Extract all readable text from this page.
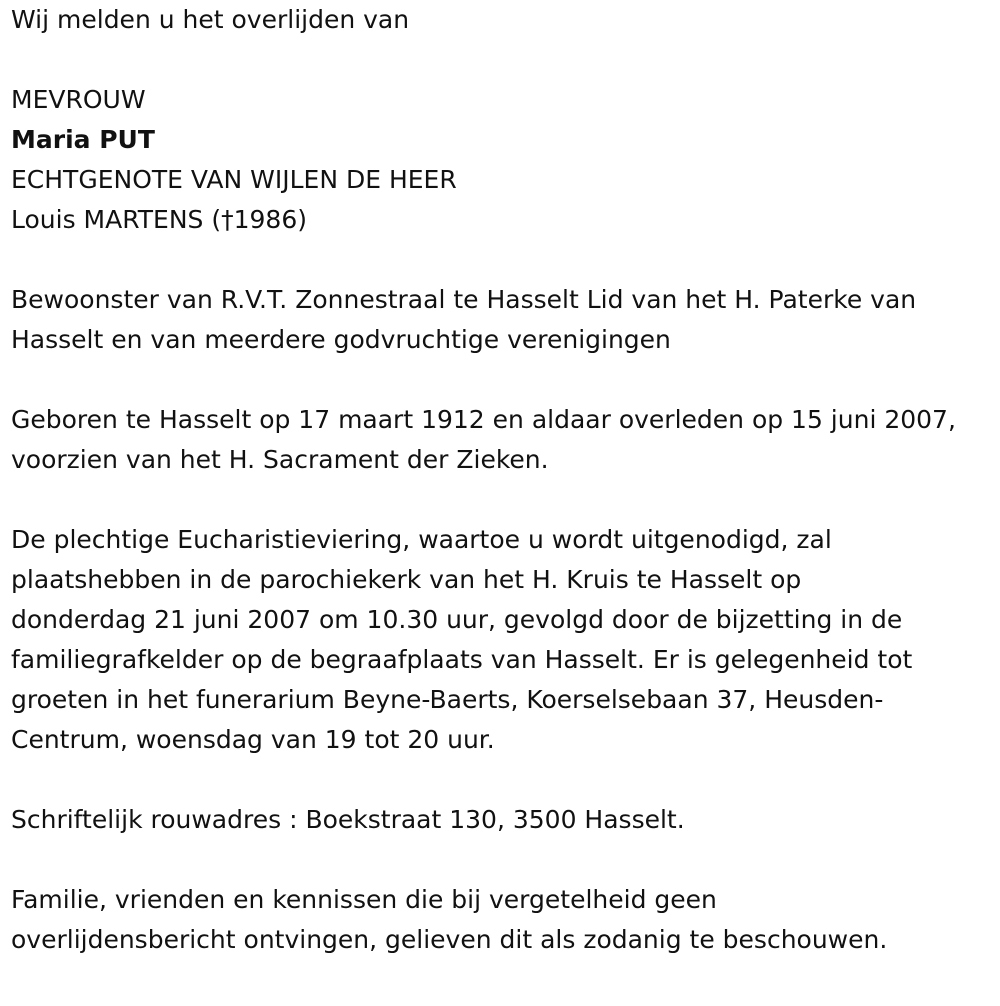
Wij melden u het overlijden van
MEVROUW
Maria PUT
ECHTGENOTE VAN WIJLEN DE HEER
Louis MARTENS (†1986)
Bewoonster van R.V.T. Zonnestraal te Hasselt Lid van het H. Paterke van
Hasselt en van meerdere godvruchtige verenigingen
Geboren te Hasselt op 17 maart 1912 en aldaar overleden op 15 juni 2007,
voorzien van het H. Sacrament der Zieken.
De plechtige Eucharistieviering, waartoe u wordt uitgenodigd, zal
plaatshebben in de parochiekerk van het H. Kruis te Hasselt op
donderdag 21 juni 2007 om 10.30 uur, gevolgd door de bijzetting in de
familiegrafkelder op de begraafplaats van Hasselt. Er is gelegenheid tot
groeten in het funerarium Beyne-Baerts, Koerselsebaan 37, Heusden-
Centrum, woensdag van 19 tot 20 uur.
Schriftelijk rouwadres : Boekstraat 130, 3500 Hasselt.
Familie, vrienden en kennissen die bij vergetelheid geen
overlijdensbericht ontvingen, gelieven dit als zodanig te beschouwen.
